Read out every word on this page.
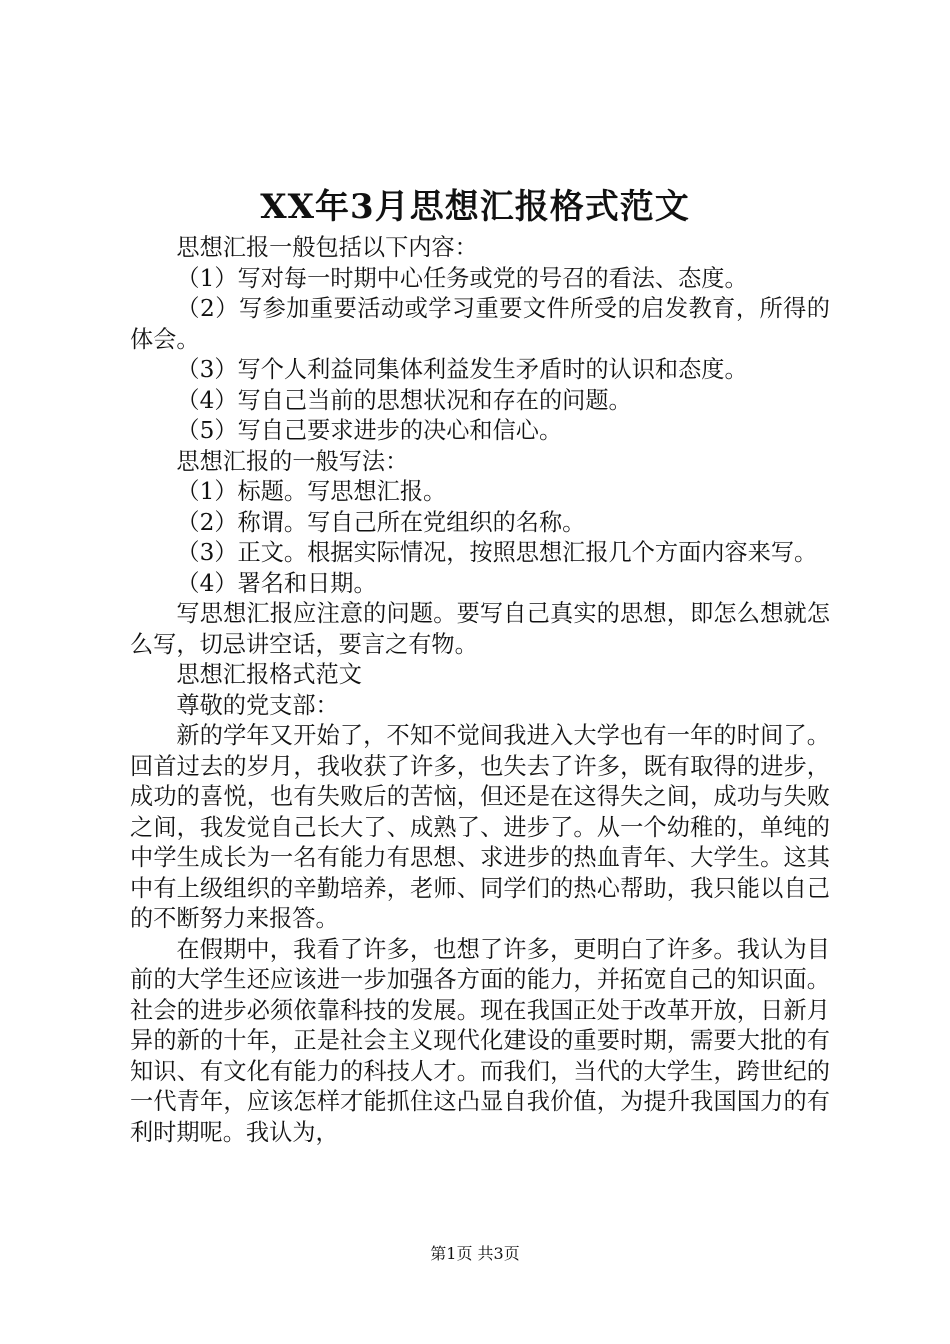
XX年3月思想汇报格式范文

思想汇报一般包括以下内容：

（1）写对每一时期中心任务或党的号召的看法、态度。

（2）写参加重要活动或学习重要文件所受的启发教育，所得的体会。

（3）写个人利益同集体利益发生矛盾时的认识和态度。

（4）写自己当前的思想状况和存在的问题。

（5）写自己要求进步的决心和信心。

思想汇报的一般写法：

（1）标题。写思想汇报。

（2）称谓。写自己所在党组织的名称。

（3）正文。根据实际情况，按照思想汇报几个方面内容来写。

（4）署名和日期。

写思想汇报应注意的问题。要写自己真实的思想，即怎么想就怎么写，切忌讲空话，要言之有物。

思想汇报格式范文

尊敬的党支部：

新的学年又开始了，不知不觉间我进入大学也有一年的时间了。回首过去的岁月，我收获了许多，也失去了许多，既有取得的进步，成功的喜悦，也有失败后的苦恼，但还是在这得失之间，成功与失败之间，我发觉自己长大了、成熟了、进步了。从一个幼稚的，单纯的中学生成长为一名有能力有思想、求进步的热血青年、大学生。这其中有上级组织的辛勤培养，老师、同学们的热心帮助，我只能以自己的不断努力来报答。

在假期中，我看了许多，也想了许多，更明白了许多。我认为目前的大学生还应该进一步加强各方面的能力，并拓宽自己的知识面。社会的进步必须依靠科技的发展。现在我国正处于改革开放，日新月异的新的十年，正是社会主义现代化建设的重要时期，需要大批的有知识、有文化有能力的科技人才。而我们，当代的大学生，跨世纪的一代青年，应该怎样才能抓住这凸显自我价值，为提升我国国力的有利时期呢。我认为，

第1页 共3页
